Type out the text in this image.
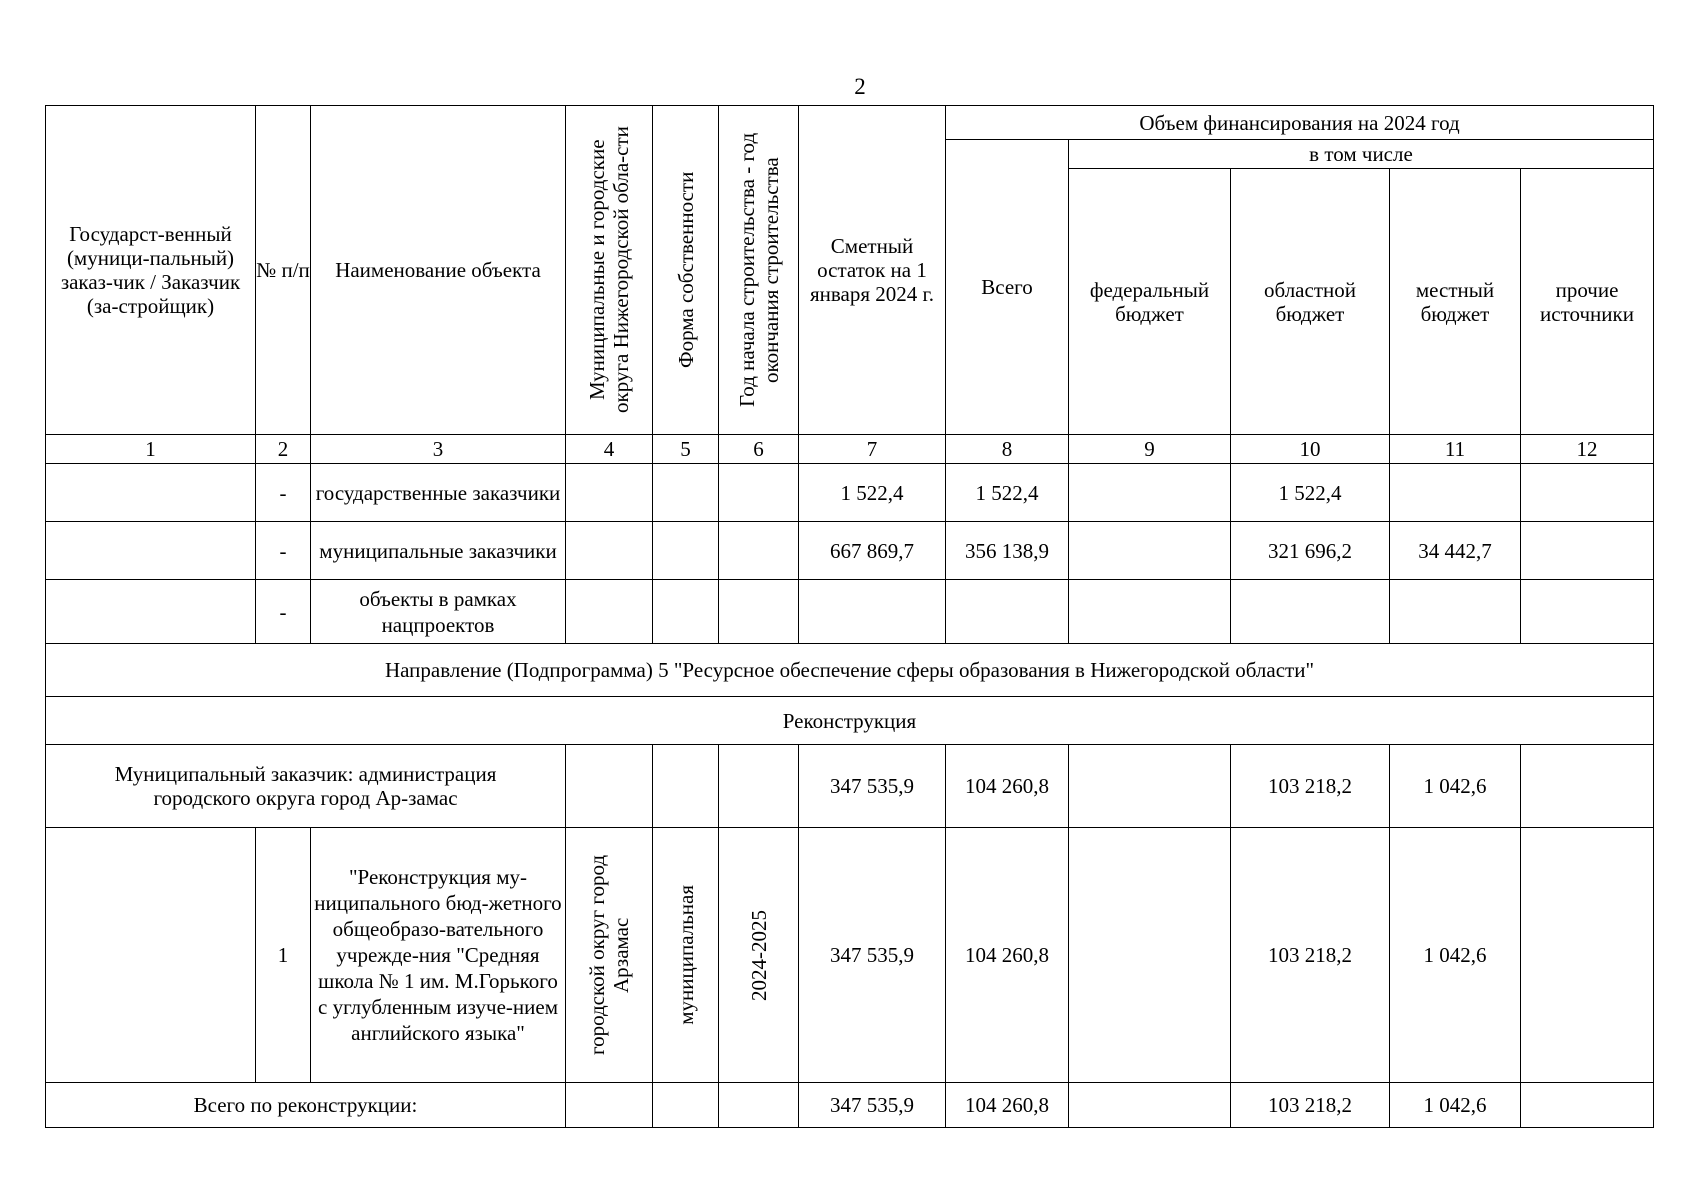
2
Государст-венный (муници-пальный) заказ-чик / Заказчик (за-стройщик)	№ п/п	Наименование объекта	Муниципальные и городские округа Нижегородской обла-сти	Форма собственности	Год начала строительства - год окончания строительства	Сметный остаток на 1 января 2024 г.	Объем финансирования на 2024 год				
							Всего	в том числе			
								федеральный бюджет	областной бюджет	местный бюджет	прочие источники
1	2	3	4	5	6	7	8	9	10	11	12
	-	государственные заказчики				1 522,4	1 522,4		1 522,4		
	-	муниципальные заказчики				667 869,7	356 138,9		321 696,2	34 442,7	
	-	объекты в рамках нацпроектов									
Направление (Подпрограмма) 5 "Ресурсное обеспечение сферы образования в Нижегородской области"											
Реконструкция											
Муниципальный заказчик: администрация городского округа город Ар-замас						347 535,9	104 260,8		103 218,2	1 042,6	
	1	"Реконструкция му-ниципального бюд-жетного общеобразо-вательного учрежде-ния "Средняя школа № 1 им. М.Горького с углубленным изуче-нием английского языка"	городской округ город Арзамас	муниципальная	2024-2025	347 535,9	104 260,8		103 218,2	1 042,6	
Всего по реконструкции:						347 535,9	104 260,8		103 218,2	1 042,6	
